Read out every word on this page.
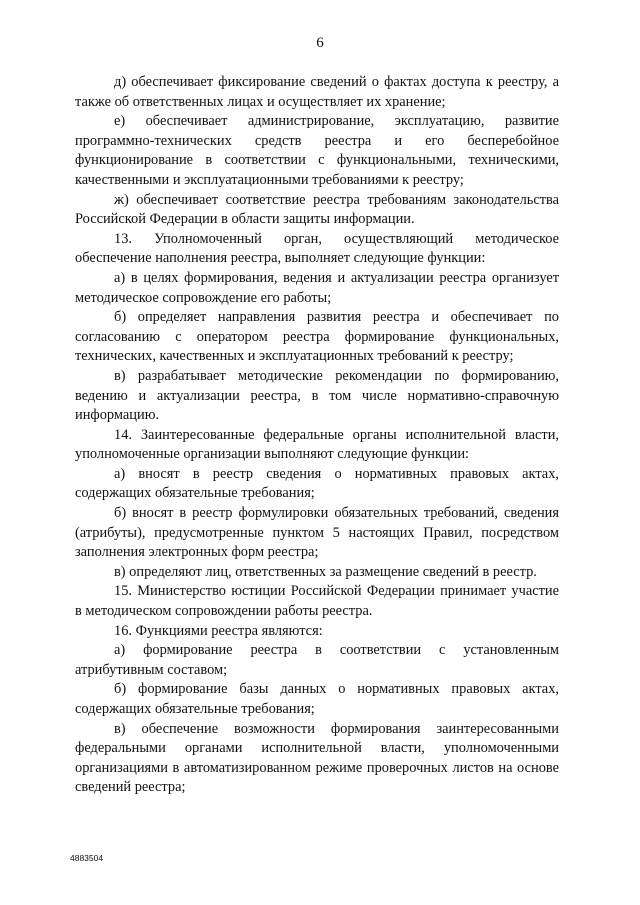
6

д) обеспечивает фиксирование сведений о фактах доступа к реестру, а также об ответственных лицах и осуществляет их хранение;

е) обеспечивает администрирование, эксплуатацию, развитие программно-технических средств реестра и его бесперебойное функционирование в соответствии с функциональными, техническими, качественными и эксплуатационными требованиями к реестру;

ж) обеспечивает соответствие реестра требованиям законодательства Российской Федерации в области защиты информации.

13. Уполномоченный орган, осуществляющий методическое обеспечение наполнения реестра, выполняет следующие функции:

а) в целях формирования, ведения и актуализации реестра организует методическое сопровождение его работы;

б) определяет направления развития реестра и обеспечивает по согласованию с оператором реестра формирование функциональных, технических, качественных и эксплуатационных требований к реестру;

в) разрабатывает методические рекомендации по формированию, ведению и актуализации реестра, в том числе нормативно-справочную информацию.

14. Заинтересованные федеральные органы исполнительной власти, уполномоченные организации выполняют следующие функции:

а) вносят в реестр сведения о нормативных правовых актах, содержащих обязательные требования;

б) вносят в реестр формулировки обязательных требований, сведения (атрибуты), предусмотренные пунктом 5 настоящих Правил, посредством заполнения электронных форм реестра;

в) определяют лиц, ответственных за размещение сведений в реестр.

15. Министерство юстиции Российской Федерации принимает участие в методическом сопровождении работы реестра.

16. Функциями реестра являются:

а) формирование реестра в соответствии с установленным атрибутивным составом;

б) формирование базы данных о нормативных правовых актах, содержащих обязательные требования;

в) обеспечение возможности формирования заинтересованными федеральными органами исполнительной власти, уполномоченными организациями в автоматизированном режиме проверочных листов на основе сведений реестра;

4883504
